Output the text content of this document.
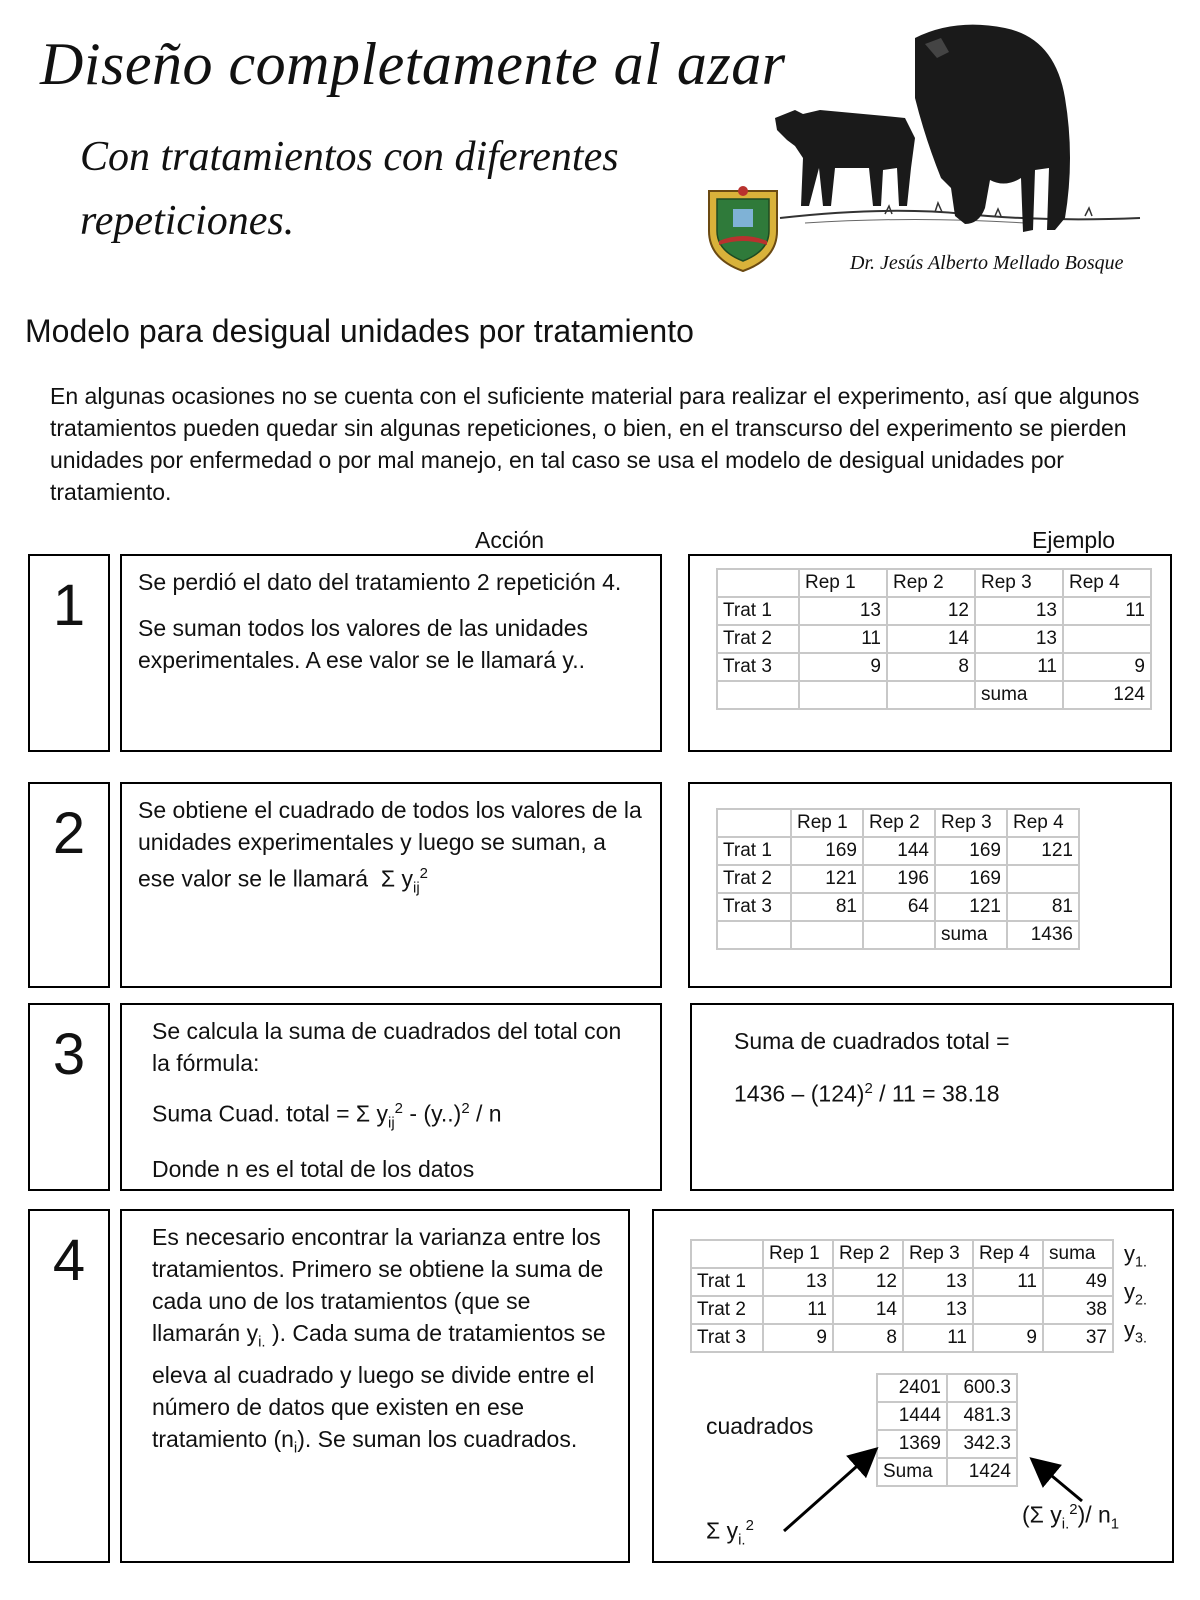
Diseño completamente al azar
Con tratamientos con diferentes repeticiones.
Dr. Jesús Alberto Mellado Bosque
Modelo para desigual unidades por tratamiento
En algunas ocasiones no se cuenta con el suficiente material para realizar el experimento, así que algunos tratamientos pueden quedar sin algunas repeticiones, o bien, en el transcurso del experimento se pierden unidades por enfermedad o por mal manejo, en tal caso se usa el modelo de desigual unidades por tratamiento.
Acción	Ejemplo
1	Se perdió el dato del tratamiento 2 repetición 4.

Se suman todos los valores de las unidades experimentales. A ese valor se le llamará y..

	Rep 1	Rep 2	Rep 3	Rep 4
Trat 1	13	12	13	11
Trat 2	11	14	13	
Trat 3	9	8	11	9
			suma	124
2	Se obtiene el cuadrado de todos los valores de la unidades experimentales y luego se suman, a ese valor se le llamará Σ $y_{ij}^2$

	Rep 1	Rep 2	Rep 3	Rep 4
Trat 1	169	144	169	121
Trat 2	121	196	169	
Trat 3	81	64	121	81
			suma	1436
3	Se calcula la suma de cuadrados del total con la fórmula:

Suma Cuad. total = Σ $y_{ij}^2 - (y..)^2$ / n

Donde n es el total de los datos

Suma de cuadrados total =

$1436 - (124)^2 / 11 = 38.18$

4	Es necesario encontrar la varianza entre los tratamientos. Primero se obtiene la suma de cada uno de los tratamientos (que se llamarán $y_{i.}$ ). Cada suma de tratamientos se eleva al cuadrado y luego se divide entre el número de datos que existen en ese tratamiento $(n_i)$. Se suman los cuadrados.

	Rep 1	Rep 2	Rep 3	Rep 4	suma
Trat 1	13	12	13	11	49
Trat 2	11	14	13		38
Trat 3	9	8	11	9	37
$y_{1.}$
$y_{2.}$
$y_{3.}$
cuadrados
2401	600.3
1444	481.3
1369	342.3
Suma	1424
Σ $y_{i.}^2$	(Σ $y_{i.}^2)/$ $n_1$
